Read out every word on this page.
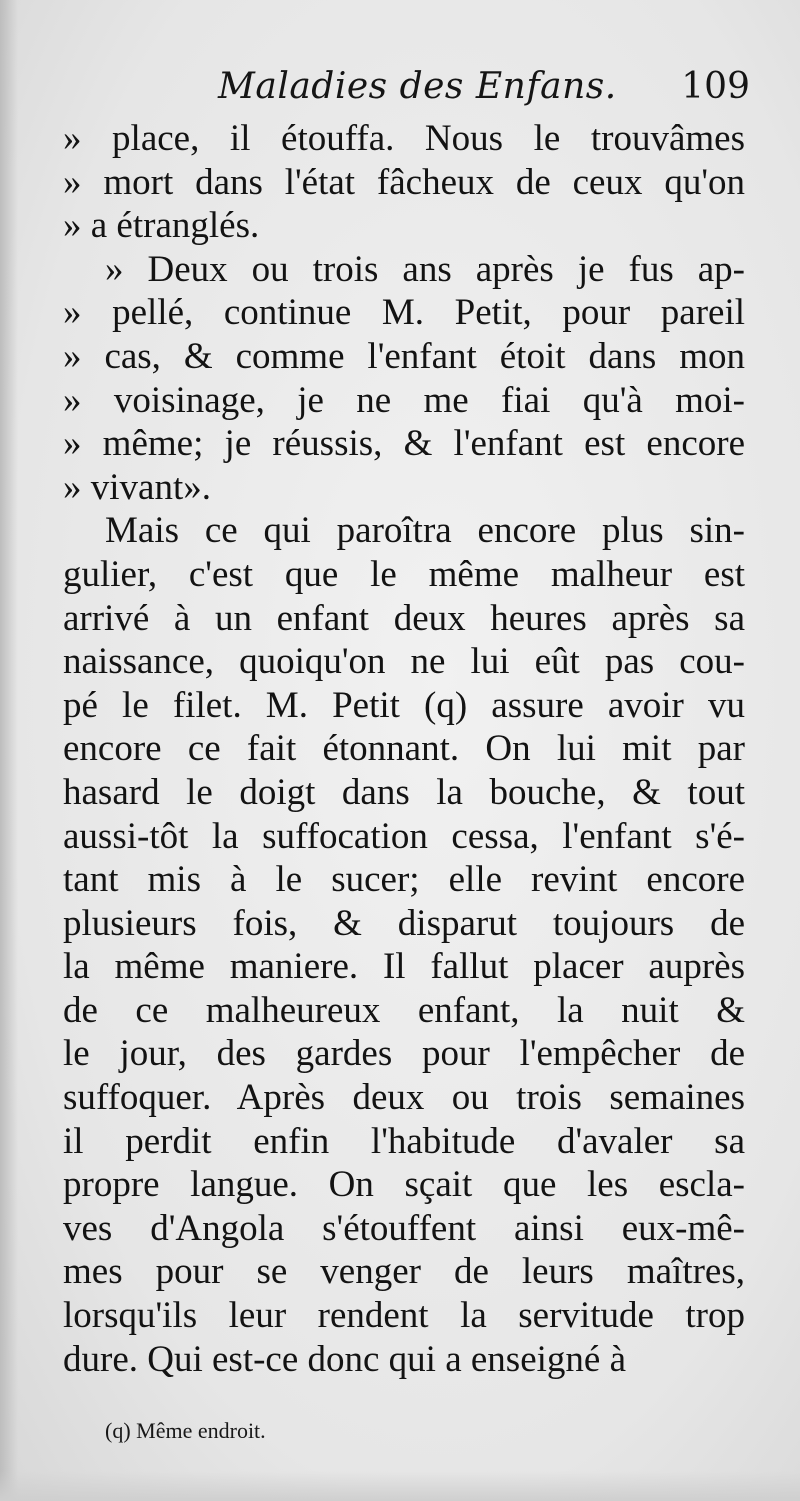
Maladies des Enfans. 109
» place, il étouffa. Nous le trouvâmes
» mort dans l'état fâcheux de ceux qu'on
» a étranglés.
» Deux ou trois ans après je fus ap-
» pellé, continue M. Petit, pour pareil
» cas, & comme l'enfant étoit dans mon
» voisinage, je ne me fiai qu'à moi-
» même; je réussis, & l'enfant est encore
» vivant».
Mais ce qui paroîtra encore plus sin-
gulier, c'est que le même malheur est
arrivé à un enfant deux heures après sa
naissance, quoiqu'on ne lui eût pas cou-
pé le filet. M. Petit (q) assure avoir vu
encore ce fait étonnant. On lui mit par
hasard le doigt dans la bouche, & tout
aussi-tôt la suffocation cessa, l'enfant s'é-
tant mis à le sucer; elle revint encore
plusieurs fois, & disparut toujours de
la même maniere. Il fallut placer auprès
de ce malheureux enfant, la nuit &
le jour, des gardes pour l'empêcher de
suffoquer. Après deux ou trois semaines
il perdit enfin l'habitude d'avaler sa
propre langue. On sçait que les escla-
ves d'Angola s'étouffent ainsi eux-mê-
mes pour se venger de leurs maîtres,
lorsqu'ils leur rendent la servitude trop
dure. Qui est-ce donc qui a enseigné à
(q) Même endroit.
